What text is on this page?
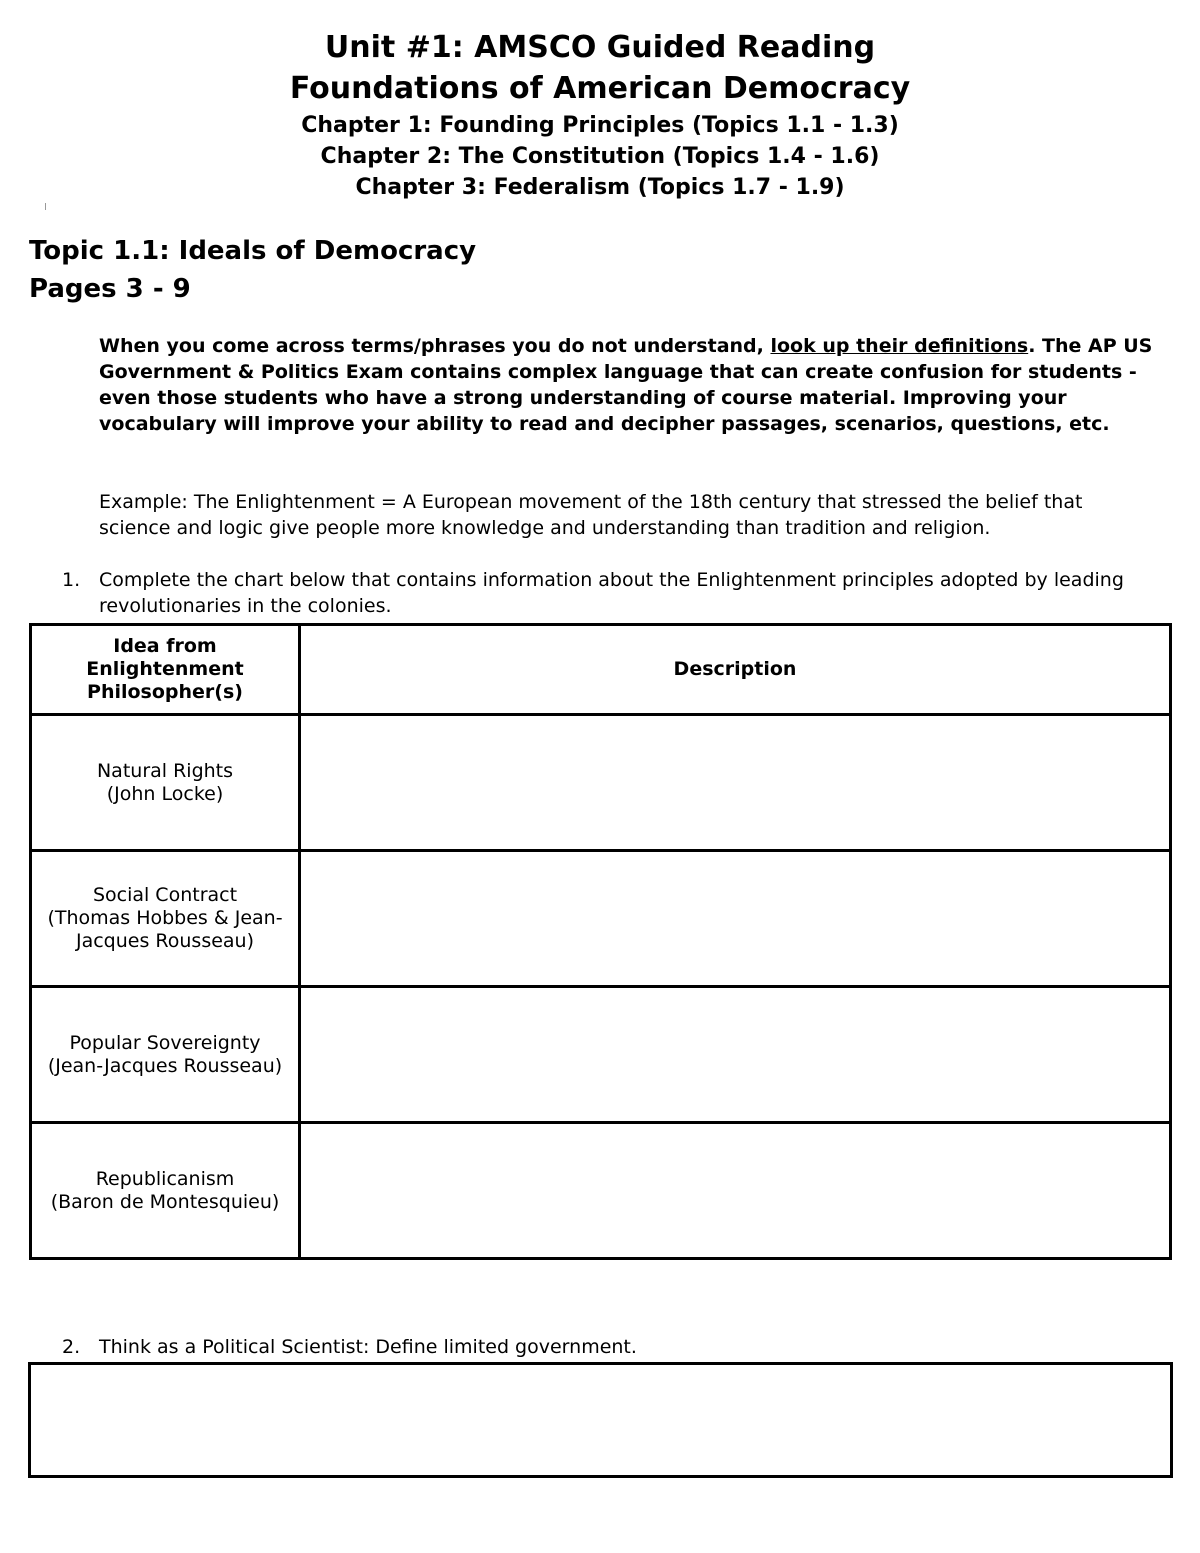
Unit #1: AMSCO Guided Reading

Foundations of American Democracy

Chapter 1: Founding Principles (Topics 1.1 - 1.3)

Chapter 2: The Constitution (Topics 1.4 - 1.6)

Chapter 3: Federalism (Topics 1.7 - 1.9)

Topic 1.1: Ideals of Democracy
Pages 3 - 9
When you come across terms/phrases you do not understand, look up their definitions. The AP US Government & Politics Exam contains complex language that can create confusion for students - even those students who have a strong understanding of course material. Improving your vocabulary will improve your ability to read and decipher passages, scenarios, questions, etc.
Example: The Enlightenment = A European movement of the 18th century that stressed the belief that science and logic give people more knowledge and understanding than tradition and religion.
1. Complete the chart below that contains information about the Enlightenment principles adopted by leading revolutionaries in the colonies.
Idea from Enlightenment Philosopher(s)	Description

Natural Rights
(John Locke)	

Social Contract
(Thomas Hobbes & Jean-Jacques Rousseau)	

Popular Sovereignty
(Jean-Jacques Rousseau)	

Republicanism
(Baron de Montesquieu)	

2. Think as a Political Scientist: Define limited government.
